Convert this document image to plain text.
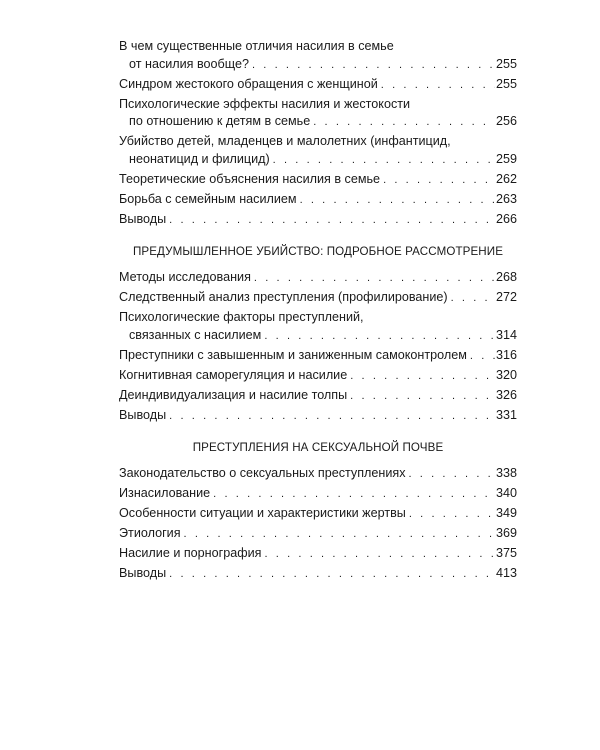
В чем существенные отличия насилия в семье
от насилия вообще? . . .	255
Синдром жестокого обращения с женщиной . . .	255
Психологические эффекты насилия и жестокости
по отношению к детям в семье . . .	256
Убийство детей, младенцев и малолетних (инфантицид,
неонатицид и филицид) . . .	259
Теоретические объяснения насилия в семье . . .	262
Борьба с семейным насилием . . .	263
Выводы . . .	266
ПРЕДУМЫШЛЕННОЕ УБИЙСТВО: ПОДРОБНОЕ РАССМОТРЕНИЕ
Методы исследования . . .	268
Следственный анализ преступления (профилирование) . . .	272
Психологические факторы преступлений,
связанных с насилием . . .	314
Преступники с завышенным и заниженным самоконтролем . . . 316
Когнитивная саморегуляция и насилие . . .	320
Деиндивидуализация и насилие толпы . . .	326
Выводы . . .	331
ПРЕСТУПЛЕНИЯ НА СЕКСУАЛЬНОЙ ПОЧВЕ
Законодательство о сексуальных преступлениях . . .	338
Изнасилование . . .	340
Особенности ситуации и характеристики жертвы . . .	349
Этиология . . .	369
Насилие и порнография . . .	375
Выводы . . .	413
